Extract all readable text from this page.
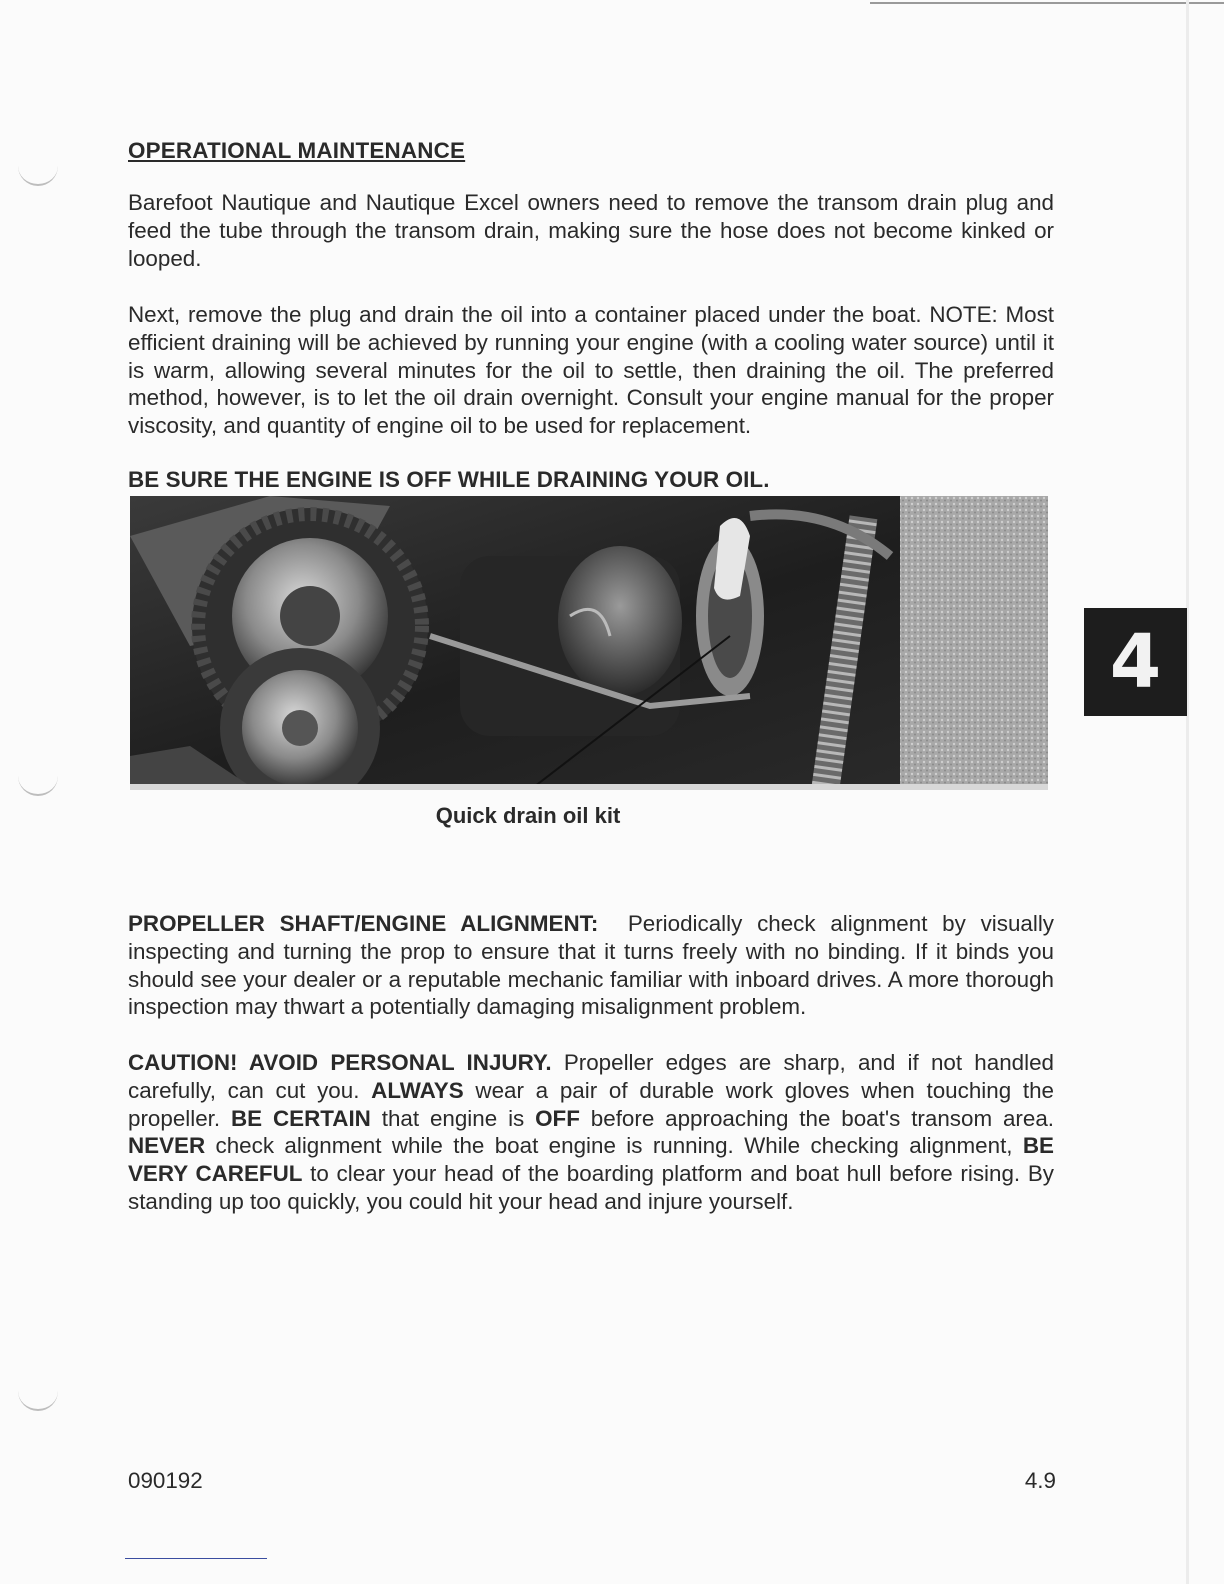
OPERATIONAL MAINTENANCE

Barefoot Nautique and Nautique Excel owners need to remove the transom drain plug and feed the tube through the transom drain, making sure the hose does not become kinked or looped.

Next, remove the plug and drain the oil into a container placed under the boat. NOTE: Most efficient draining will be achieved by running your engine (with a cooling water source) until it is warm, allowing several minutes for the oil to settle, then draining the oil. The preferred method, however, is to let the oil drain overnight. Consult your engine manual for the proper viscosity, and quantity of engine oil to be used for replacement.

BE SURE THE ENGINE IS OFF WHILE DRAINING YOUR OIL.
Quick drain oil kit
4

PROPELLER SHAFT/ENGINE ALIGNMENT: Periodically check alignment by visually inspecting and turning the prop to ensure that it turns freely with no binding. If it binds you should see your dealer or a reputable mechanic familiar with inboard drives. A more thorough inspection may thwart a potentially damaging misalignment problem.

CAUTION! AVOID PERSONAL INJURY. Propeller edges are sharp, and if not handled carefully, can cut you. ALWAYS wear a pair of durable work gloves when touching the propeller. BE CERTAIN that engine is OFF before approaching the boat's transom area. NEVER check alignment while the boat engine is running. While checking alignment, BE VERY CAREFUL to clear your head of the boarding platform and boat hull before rising. By standing up too quickly, you could hit your head and injure yourself.

090192	4.9
